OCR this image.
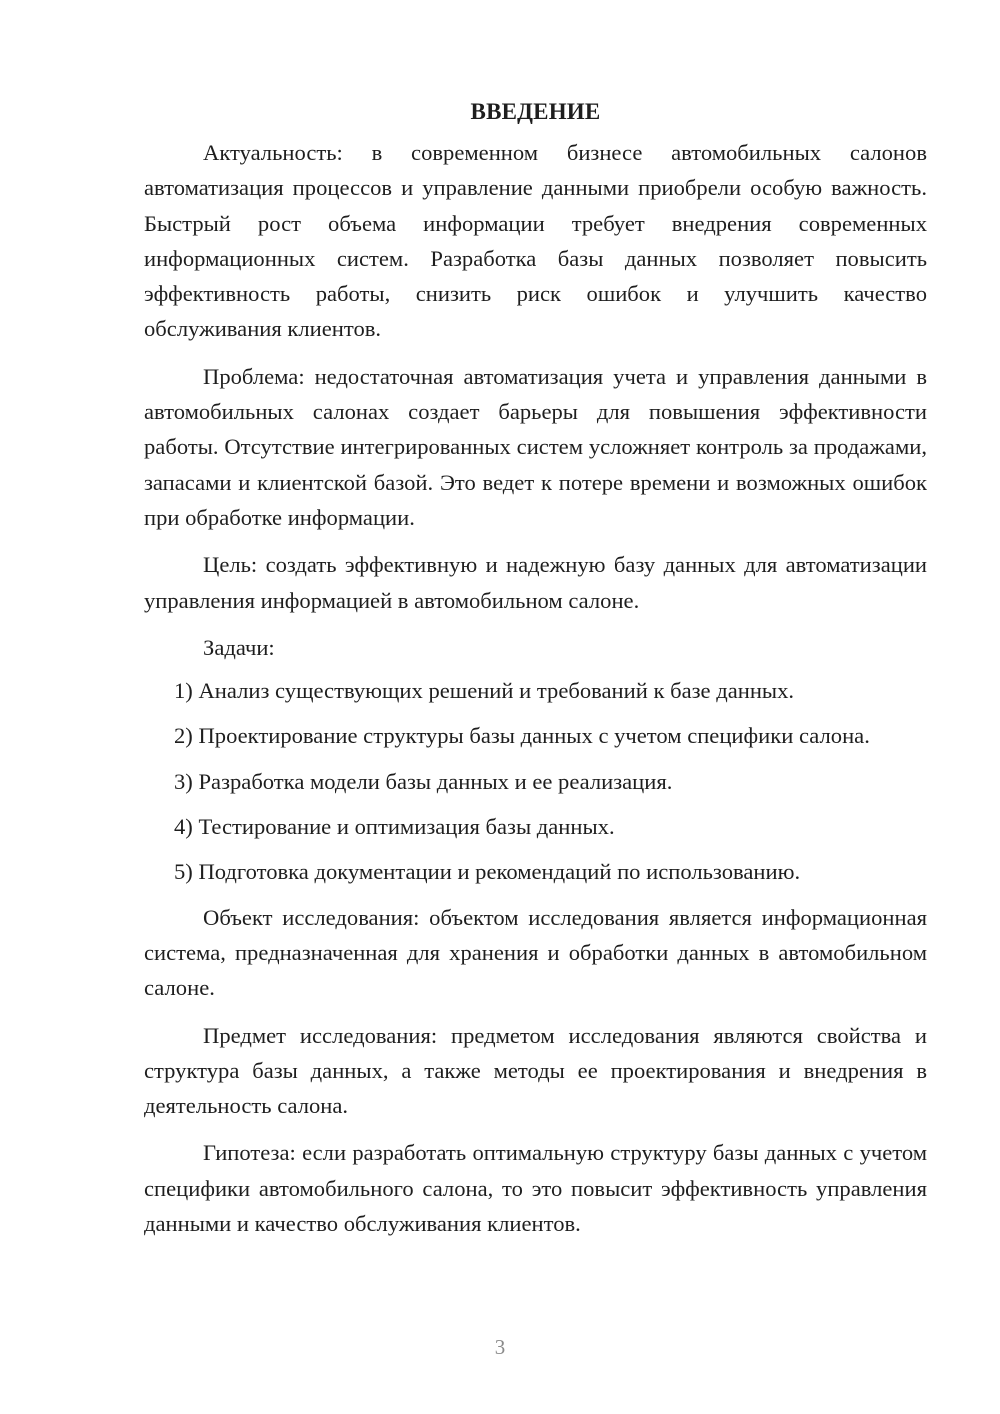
ВВЕДЕНИЕ

Актуальность: в современном бизнесе автомобильных салонов автоматизация процессов и управление данными приобрели особую важность. Быстрый рост объема информации требует внедрения современных информационных систем. Разработка базы данных позволяет повысить эффективность работы, снизить риск ошибок и улучшить качество обслуживания клиентов.

Проблема: недостаточная автоматизация учета и управления данными в автомобильных салонах создает барьеры для повышения эффективности работы. Отсутствие интегрированных систем усложняет контроль за продажами, запасами и клиентской базой. Это ведет к потере времени и возможных ошибок при обработке информации.

Цель: создать эффективную и надежную базу данных для автоматизации управления информацией в автомобильном салоне.

Задачи:

1) Анализ существующих решений и требований к базе данных.

2) Проектирование структуры базы данных с учетом специфики салона.

3) Разработка модели базы данных и ее реализация.

4) Тестирование и оптимизация базы данных.

5) Подготовка документации и рекомендаций по использованию.

Объект исследования: объектом исследования является информационная система, предназначенная для хранения и обработки данных в автомобильном салоне.

Предмет исследования: предметом исследования являются свойства и структура базы данных, а также методы ее проектирования и внедрения в деятельность салона.

Гипотеза: если разработать оптимальную структуру базы данных с учетом специфики автомобильного салона, то это повысит эффективность управления данными и качество обслуживания клиентов.

3
